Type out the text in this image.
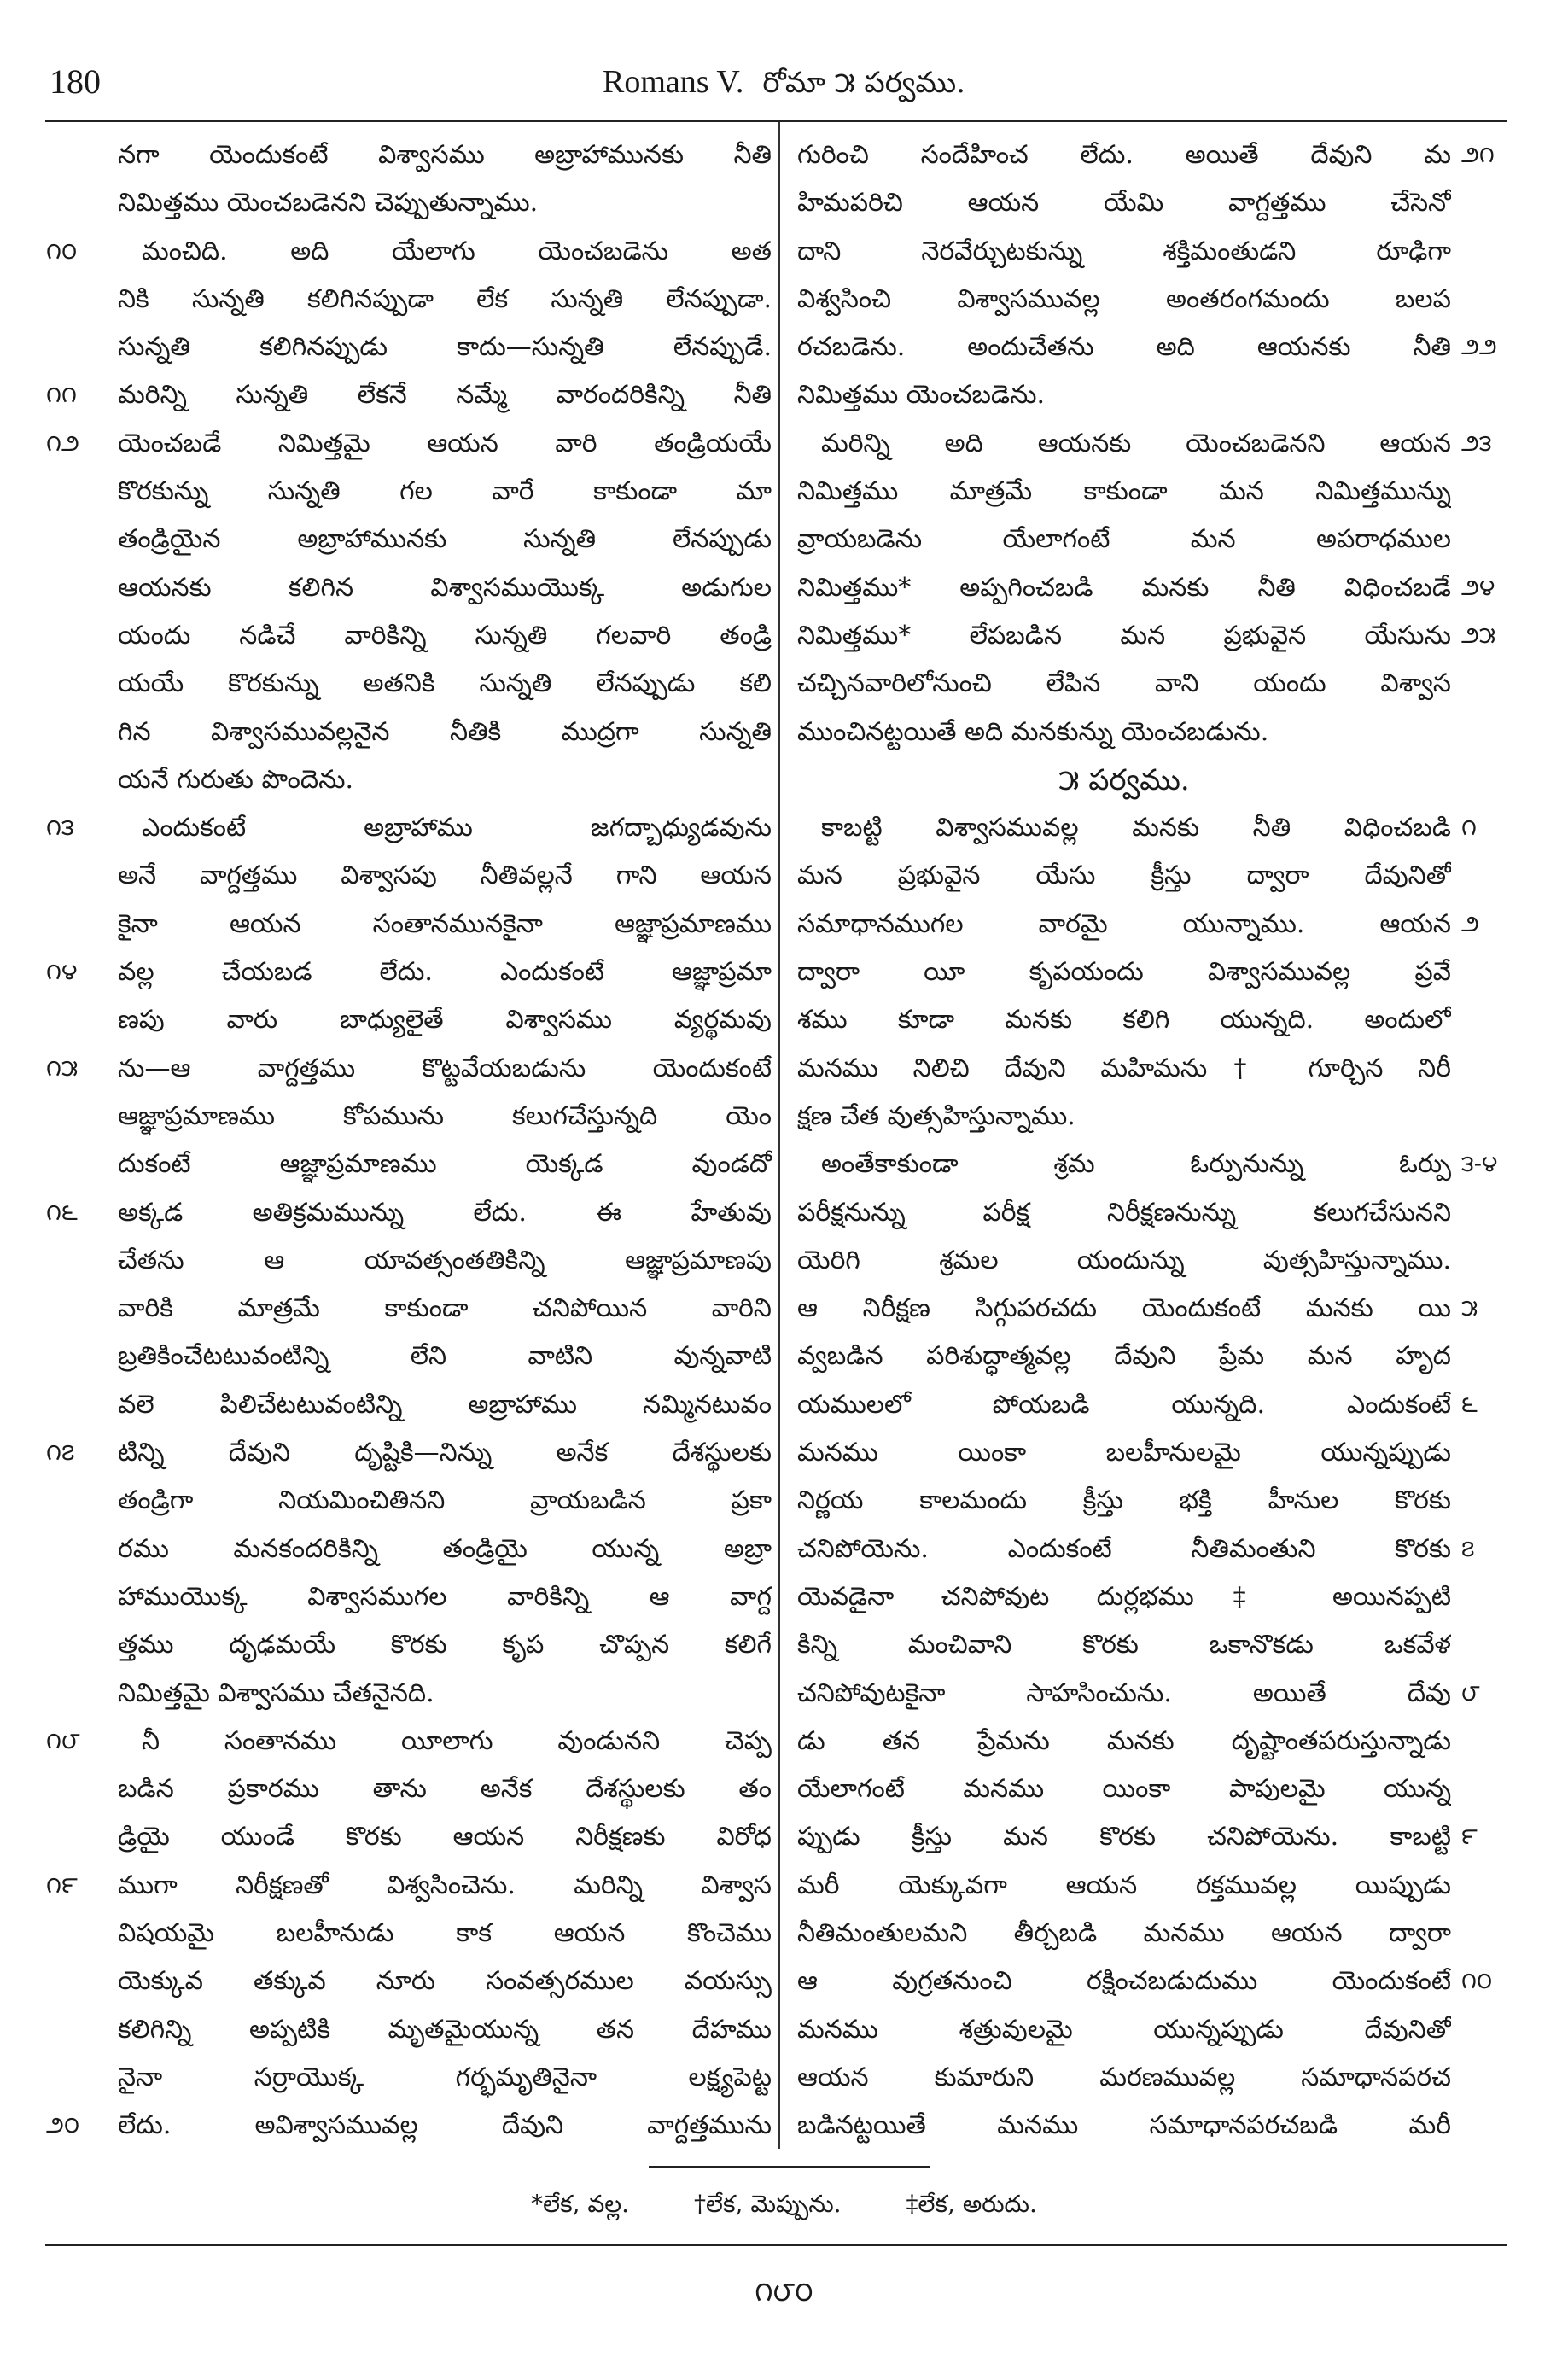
180	Romans V. రోమా ౫ పర్వము.
౧౦
౧౧
౧౨
౧౩
౧౪
౧౫
౧౬
౧౭
౧౮
౧౯
౨౦
నగా యెందుకంటే విశ్వాసము అబ్రాహామునకు నీతి
నిమిత్తము యెంచబడెనని చెప్పుతున్నాము.
మంచిది. అది యేలాగు యెంచబడెను అత
నికి సున్నతి కలిగినప్పుడా లేక సున్నతి లేనప్పుడా.
సున్నతి కలిగినప్పుడు కాదు—సున్నతి లేనప్పుడే.
మరిన్ని సున్నతి లేకనే నమ్మే వారందరికిన్ని నీతి
యెంచబడే నిమిత్తమై ఆయన వారి తండ్రియయే
కొరకున్ను సున్నతి గల వారే కాకుండా మా
తండ్రియైన అబ్రాహామునకు సున్నతి లేనప్పుడు
ఆయనకు కలిగిన విశ్వాసముయొక్క అడుగుల
యందు నడిచే వారికిన్ని సున్నతి గలవారి తండ్రి
యయే కొరకున్ను అతనికి సున్నతి లేనప్పుడు కలి
గిన విశ్వాసమువల్లనైన నీతికి ముద్రగా సున్నతి
యనే గురుతు పొందెను.
ఎందుకంటే అబ్రాహాము జగద్బాధ్యుడవును
అనే వాగ్దత్తము విశ్వాసపు నీతివల్లనే గాని ఆయన
కైనా ఆయన సంతానమునకైనా ఆజ్ఞాప్రమాణము
వల్ల చేయబడ లేదు. ఎందుకంటే ఆజ్ఞాప్రమా
ణపు వారు బాధ్యులైతే విశ్వాసము వ్యర్థమవు
ను—ఆ వాగ్దత్తము కొట్టవేయబడును యెందుకంటే
ఆజ్ఞాప్రమాణము కోపమును కలుగచేస్తున్నది యెం
దుకంటే ఆజ్ఞాప్రమాణము యెక్కడ వుండదో
అక్కడ అతిక్రమమున్ను లేదు. ఈ హేతువు
చేతను ఆ యావత్సంతతికిన్ని ఆజ్ఞాప్రమాణపు
వారికి మాత్రమే కాకుండా చనిపోయిన వారిని
బ్రతికించేటటువంటిన్ని లేని వాటిని వున్నవాటి
వలె పిలిచేటటువంటిన్ని అబ్రాహాము నమ్మినటువం
టిన్ని దేవుని దృష్టికి—నిన్ను అనేక దేశస్థులకు
తండ్రిగా నియమించితినని వ్రాయబడిన ప్రకా
రము మనకందరికిన్ని తండ్రియై యున్న అబ్రా
హాముయొక్క విశ్వాసముగల వారికిన్ని ఆ వాగ్ద
త్తము దృఢమయే కొరకు కృప చొప్పన కలిగే
నిమిత్తమై విశ్వాసము చేతనైనది.
నీ సంతానము యీలాగు వుండునని చెప్ప
బడిన ప్రకారము తాను అనేక దేశస్థులకు తం
డ్రియై యుండే కొరకు ఆయన నిరీక్షణకు విరోధ
ముగా నిరీక్షణతో విశ్వసించెను. మరిన్ని విశ్వాస
విషయమై బలహీనుడు కాక ఆయన కొంచెము
యెక్కువ తక్కువ నూరు సంవత్సరముల వయస్సు
కలిగిన్ని అప్పటికి మృతమైయున్న తన దేహము
నైనా సర్రాయొక్క గర్భమృతినైనా లక్ష్యపెట్ట
లేదు. అవిశ్వాసమువల్ల దేవుని వాగ్దత్తమును
గురించి సందేహించ లేదు. అయితే దేవుని మ
హిమపరిచి ఆయన యేమి వాగ్దత్తము చేసెనో
దాని నెరవేర్చుటకున్ను శక్తిమంతుడని రూఢిగా
విశ్వసించి విశ్వాసమువల్ల అంతరంగమందు బలప
రచబడెను. అందుచేతను అది ఆయనకు నీతి
నిమిత్తము యెంచబడెను.
మరిన్ని అది ఆయనకు యెంచబడెనని ఆయన
నిమిత్తము మాత్రమే కాకుండా మన నిమిత్తమున్ను
వ్రాయబడెను యేలాగంటే మన అపరాధముల
నిమిత్తము* అప్పగించబడి మనకు నీతి విధించబడే
నిమిత్తము* లేపబడిన మన ప్రభువైన యేసును
చచ్చినవారిలోనుంచి లేపిన వాని యందు విశ్వాస
ముంచినట్టయితే అది మనకున్ను యెంచబడును.
౫ పర్వము.
కాబట్టి విశ్వాసమువల్ల మనకు నీతి విధించబడి
మన ప్రభువైన యేసు క్రీస్తు ద్వారా దేవునితో
సమాధానముగల వారమై యున్నాము. ఆయన
ద్వారా యీ కృపయందు విశ్వాసమువల్ల ప్రవే
శము కూడా మనకు కలిగి యున్నది. అందులో
మనము నిలిచి దేవుని మహిమను† గూర్చిన నిరీ
క్షణ చేత వుత్సహిస్తున్నాము.
అంతేకాకుండా శ్రమ ఓర్పునున్ను ఓర్పు
పరీక్షనున్ను పరీక్ష నిరీక్షణనున్ను కలుగచేసునని
యెరిగి శ్రమల యందున్ను వుత్సహిస్తున్నాము.
ఆ నిరీక్షణ సిగ్గుపరచదు యెందుకంటే మనకు యి
వ్వబడిన పరిశుద్ధాత్మవల్ల దేవుని ప్రేమ మన హృద
యములలో పోయబడి యున్నది. ఎందుకంటే
మనము యింకా బలహీనులమై యున్నప్పుడు
నిర్ణయ కాలమందు క్రీస్తు భక్తి హీనుల కొరకు
చనిపోయెను. ఎందుకంటే నీతిమంతుని కొరకు
యెవడైనా చనిపోవుట దుర్లభము‡ అయినప్పటి
కిన్ని మంచివాని కొరకు ఒకానొకడు ఒకవేళ
చనిపోవుటకైనా సాహసించును. అయితే దేవు
డు తన ప్రేమను మనకు దృష్టాంతపరుస్తున్నాడు
యేలాగంటే మనము యింకా పాపులమై యున్న
ప్పుడు క్రీస్తు మన కొరకు చనిపోయెను. కాబట్టి
మరీ యెక్కువగా ఆయన రక్తమువల్ల యిప్పుడు
నీతిమంతులమని తీర్చబడి మనము ఆయన ద్వారా
ఆ వుగ్రతనుంచి రక్షించబడుదుము యెందుకంటే
మనము శత్రువులమై యున్నప్పుడు దేవునితో
ఆయన కుమారుని మరణమువల్ల సమాధానపరచ
బడినట్టయితే మనము సమాధానపరచబడి మరీ
౨౧
౨౨
౨౩
౨౪
౨౫
౧
౨
౩-౪
౫
౬
౭
౮
౯
౧౦
*లేక, వల్ల.	†లేక, మెప్పును.	‡లేక, అరుదు.
౧౮౦
